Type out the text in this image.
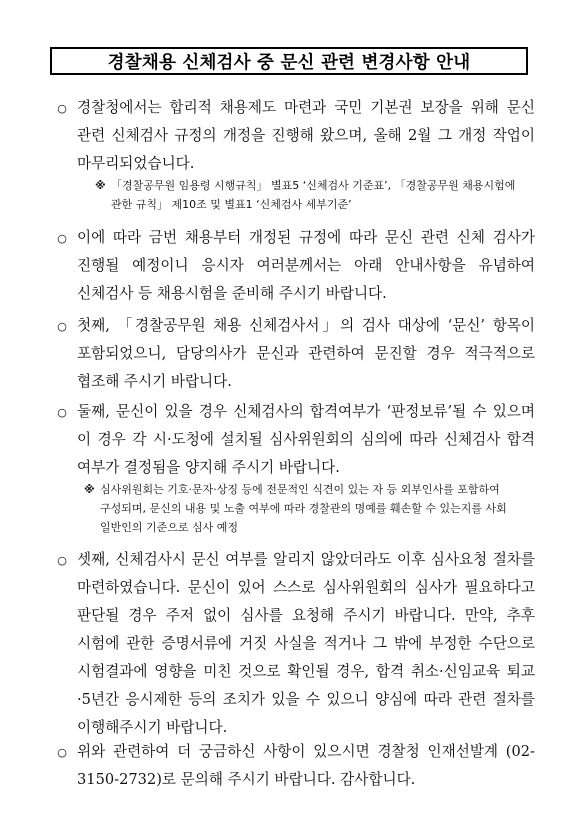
경찰채용 신체검사 중 문신 관련 변경사항 안내
○ 경찰청에서는 합리적 채용제도 마련과 국민 기본권 보장을 위해 문신 관련 신체검사 규정의 개정을 진행해 왔으며, 올해 2월 그 개정 작업이 마무리되었습니다.
※ 「경찰공무원 임용령 시행규칙」 별표5 ‘신체검사 기준표’, 「경찰공무원 채용시험에 관한 규칙」 제10조 및 별표1 ‘신체검사 세부기준’
○ 이에 따라 금번 채용부터 개정된 규정에 따라 문신 관련 신체 검사가 진행될 예정이니 응시자 여러분께서는 아래 안내사항을 유념하여 신체검사 등 채용시험을 준비해 주시기 바랍니다.
○ 첫째, 「경찰공무원 채용 신체검사서」의 검사 대상에 ‘문신’ 항목이 포함되었으니, 담당의사가 문신과 관련하여 문진할 경우 적극적으로 협조해 주시기 바랍니다.
○ 둘째, 문신이 있을 경우 신체검사의 합격여부가 ‘판정보류’될 수 있으며 이 경우 각 시·도청에 설치될 심사위원회의 심의에 따라 신체검사 합격 여부가 결정됨을 양지해 주시기 바랍니다.
※ 심사위원회는 기호·문자·상징 등에 전문적인 식견이 있는 자 등 외부인사를 포함하여 구성되며, 문신의 내용 및 노출 여부에 따라 경찰관의 명예를 훼손할 수 있는지를 사회 일반인의 기준으로 심사 예정
○ 셋째, 신체검사시 문신 여부를 알리지 않았더라도 이후 심사요청 절차를 마련하였습니다. 문신이 있어 스스로 심사위원회의 심사가 필요하다고 판단될 경우 주저 없이 심사를 요청해 주시기 바랍니다. 만약, 추후 시험에 관한 증명서류에 거짓 사실을 적거나 그 밖에 부정한 수단으로 시험결과에 영향을 미친 것으로 확인될 경우, 합격 취소·신임교육 퇴교·5년간 응시제한 등의 조치가 있을 수 있으니 양심에 따라 관련 절차를 이행해주시기 바랍니다.
○ 위와 관련하여 더 궁금하신 사항이 있으시면 경찰청 인재선발계 (02-3150-2732)로 문의해 주시기 바랍니다. 감사합니다.
